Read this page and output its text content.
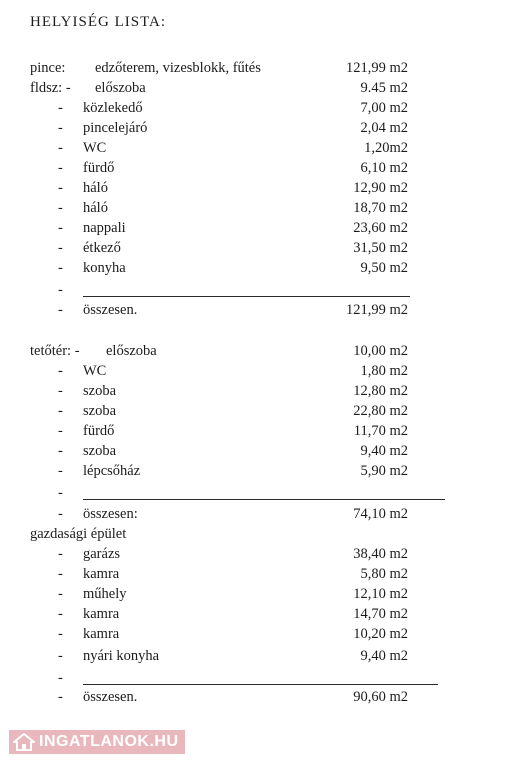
HELYISÉG LISTA:
pince: edzőterem, vizesblokk, fűtés	121,99 m2
fldsz: - előszoba	9.45 m2
- közlekedő	7,00 m2
- pincelejáró	2,04 m2
- WC	1,20m2
- fürdő	6,10 m2
- háló	12,90 m2
- háló	18,70 m2
- nappali	23,60 m2
- étkező	31,50 m2
- konyha	9,50 m2
-
- összesen.	121,99 m2
tetőtér: - előszoba	10,00 m2
- WC	1,80 m2
- szoba	12,80 m2
- szoba	22,80 m2
- fürdő	11,70 m2
- szoba	9,40 m2
- lépcsőház	5,90 m2
-
- összesen:	74,10 m2
gazdasági épület
- garázs	38,40 m2
- kamra	5,80 m2
- műhely	12,10 m2
- kamra	14,70 m2
- kamra	10,20 m2
- nyári konyha	9,40 m2
-
- összesen.	90,60 m2
INGATLANOK.HU
